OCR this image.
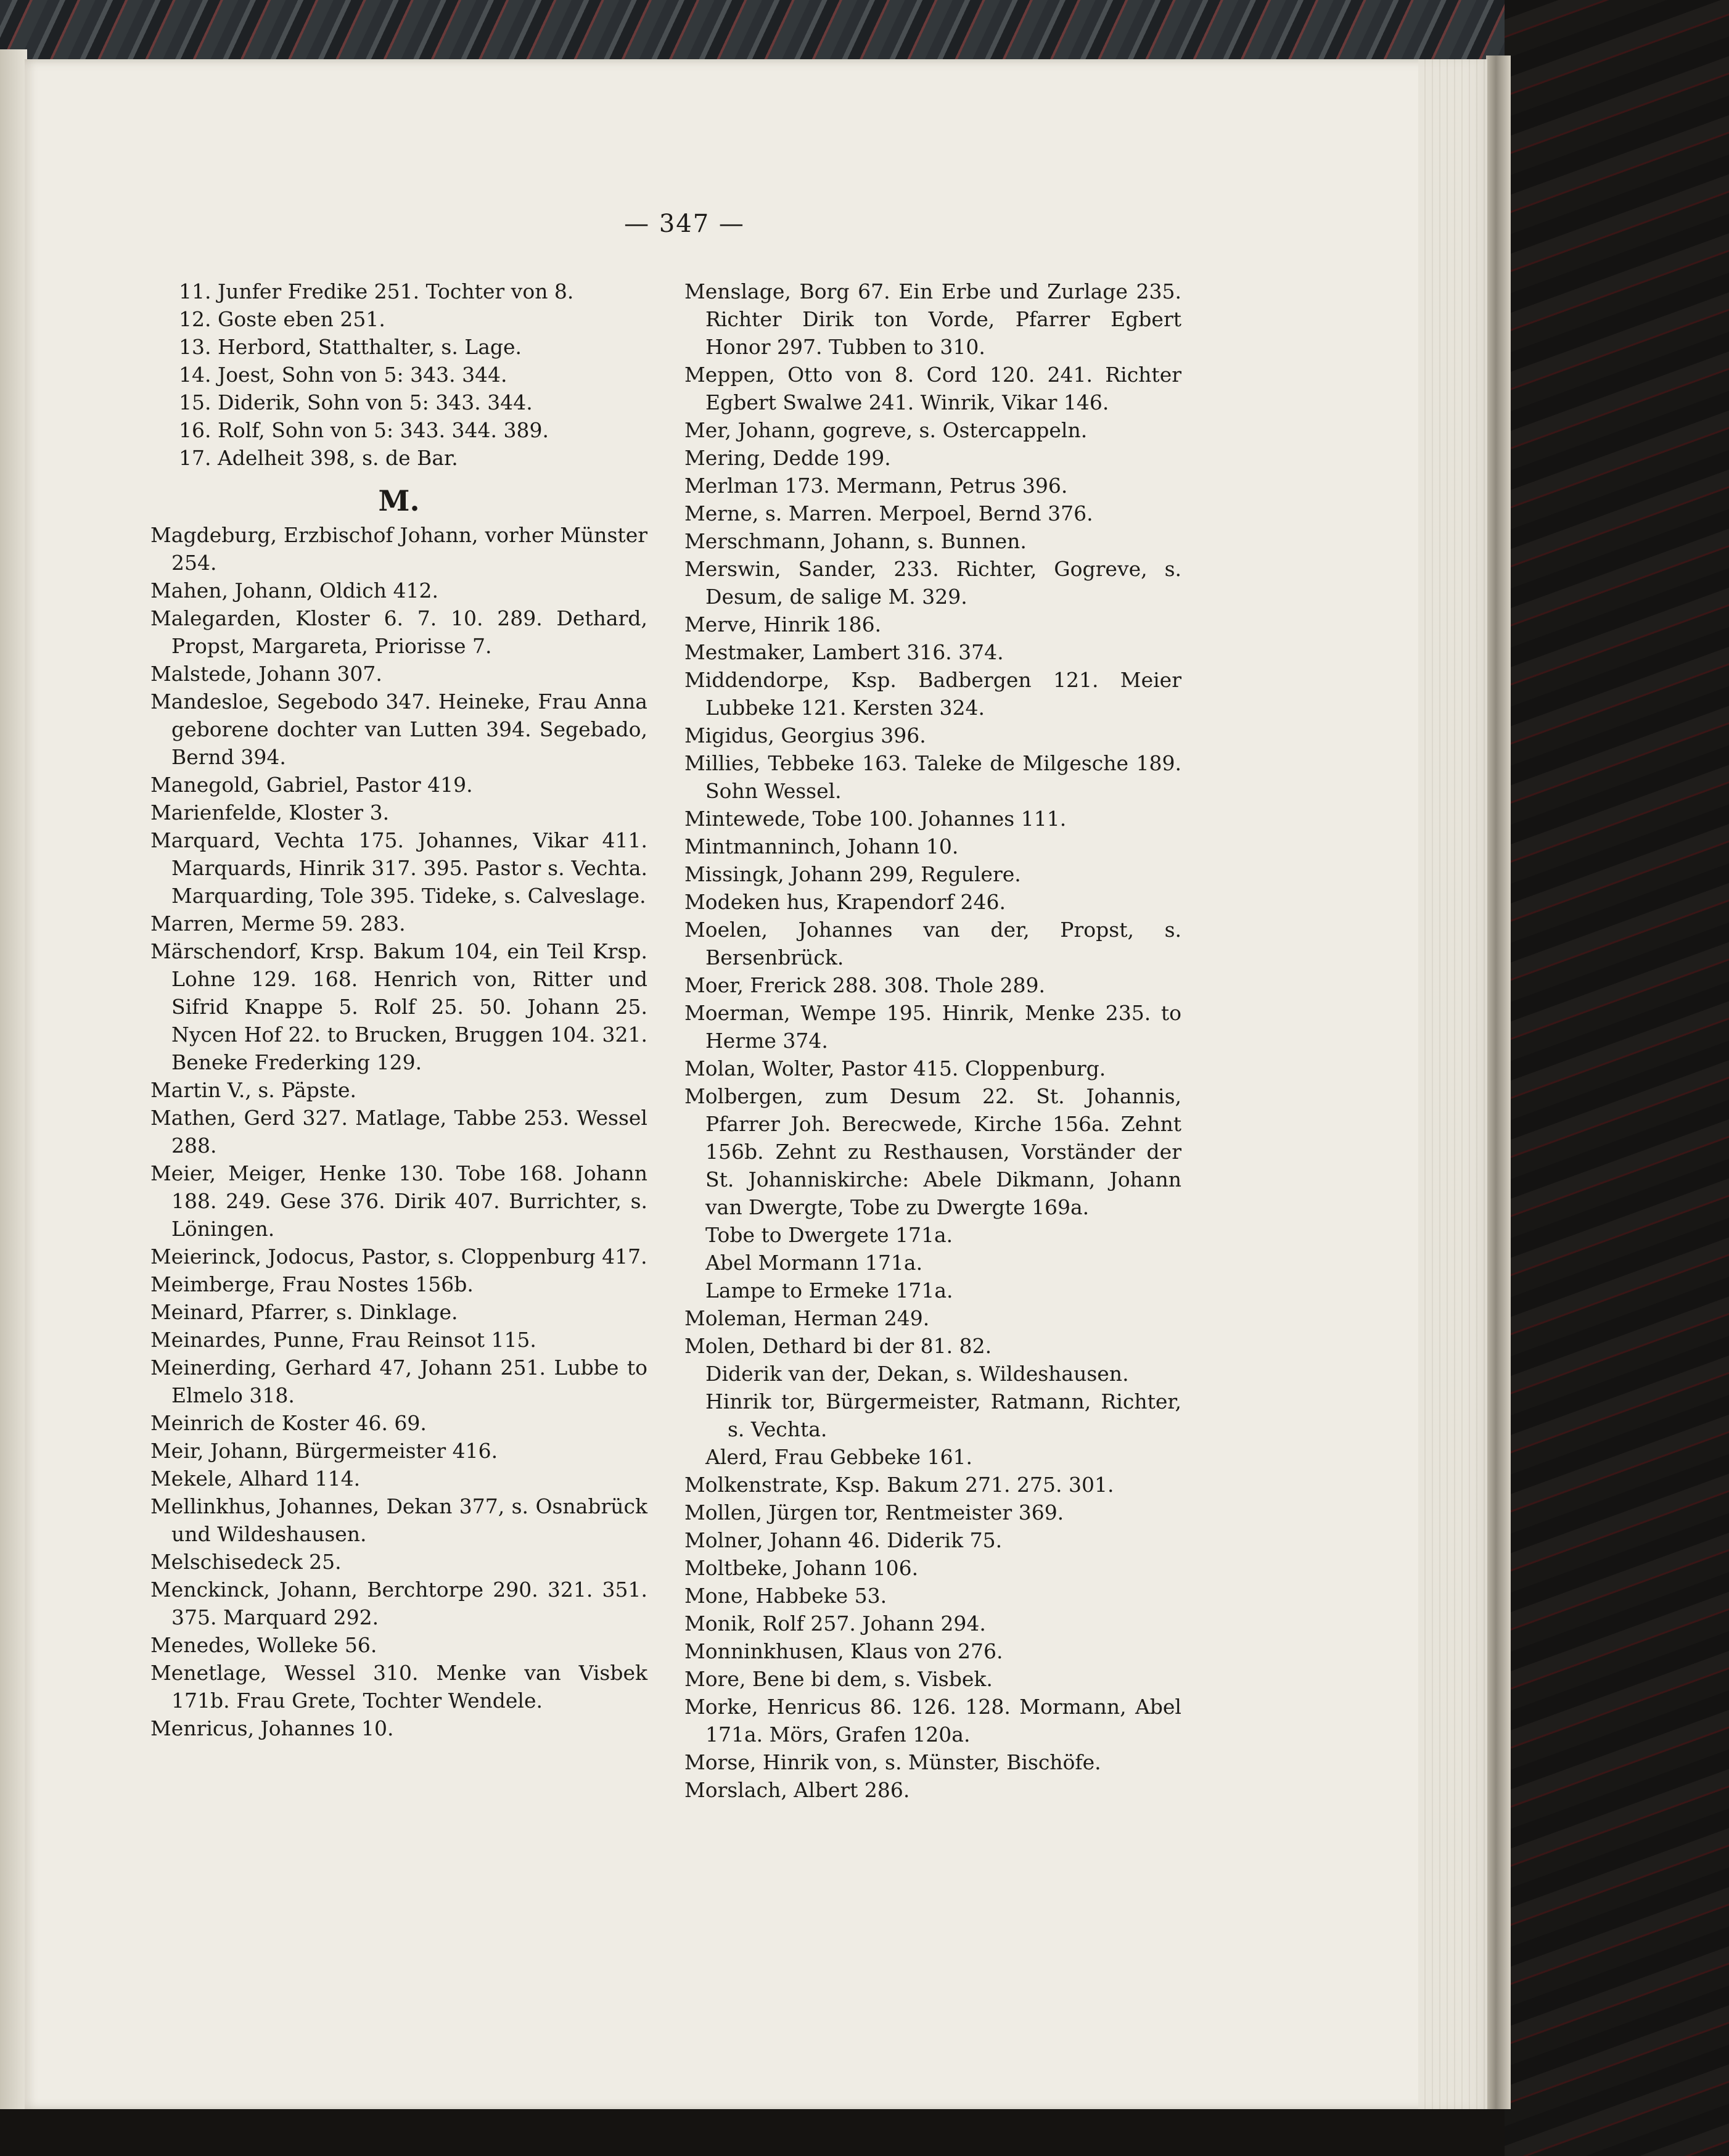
— 347 —

11. Junfer Fredike 251. Tochter von 8.

12. Goste eben 251.

13. Herbord, Statthalter, s. Lage.

14. Joest, Sohn von 5: 343. 344.

15. Diderik, Sohn von 5: 343. 344.

16. Rolf, Sohn von 5: 343. 344. 389.

17. Adelheit 398, s. de Bar.

M.

Magdeburg, Erzbischof Johann, vorher Münster 254.

Mahen, Johann, Oldich 412.

Malegarden, Kloster 6. 7. 10. 289. Dethard, Propst, Margareta, Priorisse 7.

Malstede, Johann 307.

Mandesloe, Segebodo 347. Heineke, Frau Anna geborene dochter van Lutten 394. Segebado, Bernd 394.

Manegold, Gabriel, Pastor 419.

Marienfelde, Kloster 3.

Marquard, Vechta 175. Johannes, Vikar 411. Marquards, Hinrik 317. 395. Pastor s. Vechta. Marquarding, Tole 395. Tideke, s. Calveslage.

Marren, Merme 59. 283.

Märschendorf, Krsp. Bakum 104, ein Teil Krsp. Lohne 129. 168. Henrich von, Ritter und Sifrid Knappe 5. Rolf 25. 50. Johann 25. Nycen Hof 22. to Brucken, Bruggen 104. 321. Beneke Frederking 129.

Martin V., s. Päpste.

Mathen, Gerd 327. Matlage, Tabbe 253. Wessel 288.

Meier, Meiger, Henke 130. Tobe 168. Johann 188. 249. Gese 376. Dirik 407. Burrichter, s. Löningen.

Meierinck, Jodocus, Pastor, s. Cloppenburg 417.

Meimberge, Frau Nostes 156b.

Meinard, Pfarrer, s. Dinklage.

Meinardes, Punne, Frau Reinsot 115.

Meinerding, Gerhard 47, Johann 251. Lubbe to Elmelo 318.

Meinrich de Koster 46. 69.

Meir, Johann, Bürgermeister 416.

Mekele, Alhard 114.

Mellinkhus, Johannes, Dekan 377, s. Osnabrück und Wildeshausen.

Melschisedeck 25.

Menckinck, Johann, Berchtorpe 290. 321. 351. 375. Marquard 292.

Menedes, Wolleke 56.

Menetlage, Wessel 310. Menke van Visbek 171b. Frau Grete, Tochter Wendele.

Menricus, Johannes 10.

Menslage, Borg 67. Ein Erbe und Zurlage 235. Richter Dirik ton Vorde, Pfarrer Egbert Honor 297. Tubben to 310.

Meppen, Otto von 8. Cord 120. 241. Richter Egbert Swalwe 241. Winrik, Vikar 146.

Mer, Johann, gogreve, s. Ostercappeln.

Mering, Dedde 199.

Merlman 173. Mermann, Petrus 396.

Merne, s. Marren. Merpoel, Bernd 376.

Merschmann, Johann, s. Bunnen.

Merswin, Sander, 233. Richter, Gogreve, s. Desum, de salige M. 329.

Merve, Hinrik 186.

Mestmaker, Lambert 316. 374.

Middendorpe, Ksp. Badbergen 121. Meier Lubbeke 121. Kersten 324.

Migidus, Georgius 396.

Millies, Tebbeke 163. Taleke de Milgesche 189. Sohn Wessel.

Mintewede, Tobe 100. Johannes 111.

Mintmanninch, Johann 10.

Missingk, Johann 299, Regulere.

Modeken hus, Krapendorf 246.

Moelen, Johannes van der, Propst, s. Bersenbrück.

Moer, Frerick 288. 308. Thole 289.

Moerman, Wempe 195. Hinrik, Menke 235. to Herme 374.

Molan, Wolter, Pastor 415. Cloppenburg.

Molbergen, zum Desum 22. St. Johannis, Pfarrer Joh. Berecwede, Kirche 156a. Zehnt 156b. Zehnt zu Resthausen, Vorständer der St. Johanniskirche: Abele Dikmann, Johann van Dwergte, Tobe zu Dwergte 169a.

Tobe to Dwergete 171a.

Abel Mormann 171a.

Lampe to Ermeke 171a.

Moleman, Herman 249.

Molen, Dethard bi der 81. 82.

Diderik van der, Dekan, s. Wildeshausen.

Hinrik tor, Bürgermeister, Ratmann, Richter, s. Vechta.

Alerd, Frau Gebbeke 161.

Molkenstrate, Ksp. Bakum 271. 275. 301.

Mollen, Jürgen tor, Rentmeister 369.

Molner, Johann 46. Diderik 75.

Moltbeke, Johann 106.

Mone, Habbeke 53.

Monik, Rolf 257. Johann 294.

Monninkhusen, Klaus von 276.

More, Bene bi dem, s. Visbek.

Morke, Henricus 86. 126. 128. Mormann, Abel 171a. Mörs, Grafen 120a.

Morse, Hinrik von, s. Münster, Bischöfe.

Morslach, Albert 286.
